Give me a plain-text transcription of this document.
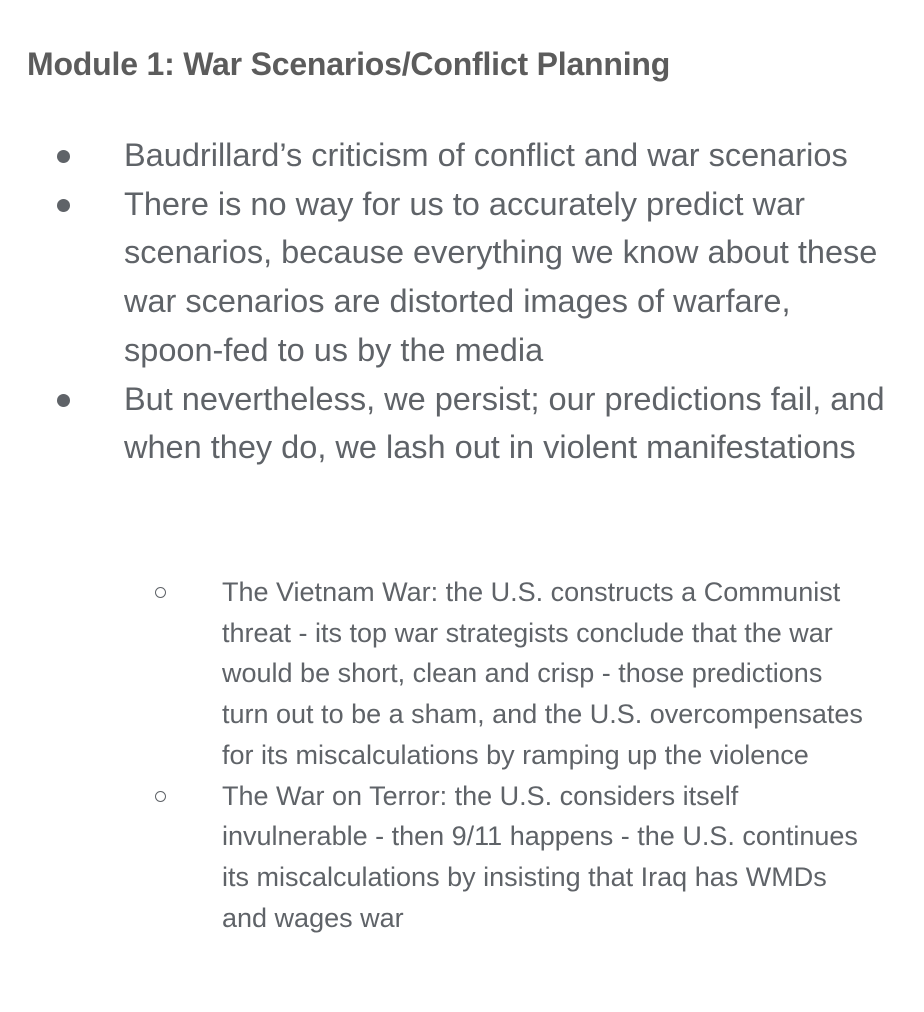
Module 1: War Scenarios/Conflict Planning
Baudrillard’s criticism of conflict and war scenarios
There is no way for us to accurately predict war scenarios, because everything we know about these war scenarios are distorted images of warfare, spoon-fed to us by the media
But nevertheless, we persist; our predictions fail, and when they do, we lash out in violent manifestations
The Vietnam War: the U.S. constructs a Communist threat - its top war strategists conclude that the war would be short, clean and crisp - those predictions turn out to be a sham, and the U.S. overcompensates for its miscalculations by ramping up the violence
The War on Terror: the U.S. considers itself invulnerable - then 9/11 happens - the U.S. continues its miscalculations by insisting that Iraq has WMDs and wages war
